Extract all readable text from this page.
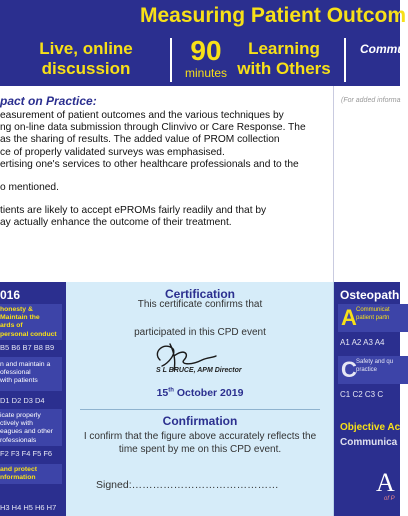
Measuring Patient Outcom
Live, online discussion
90
minutes
Learning with Others
Commu
pact on Practice:

easurement of patient outcomes and the various techniques by
ng on-line data submission through Clinvivo or Care Response. The
as the sharing of results. The added value of PROM collection
ce of properly validated surveys was emphasised.
ertising one's services to other healthcare professionals and to the

o mentioned.

tients are likely to accept ePROMs fairly readily and that by
ay actually enhance the outcome of their treatment.

(For added informa
016
honesty &
Maintain the
ards of
personal conduct
B5 B6 B7 B8 B9
n and maintain a
ofessional
with patients
D1 D2 D3 D4
icate properly
ctively with
eagues and other
rofessionals
F2 F3 F4 F5 F6
and protect
nformation
H3 H4 H5 H6 H7
Certification
This certificate confirms that
participated in this CPD event
S L BRUCE, APM Director
15th October 2019
Confirmation
I confirm that the figure above accurately reflects the time spent by me on this CPD event.
Signed:……………………………………
Osteopath
A Communicat
patient partn
A1 A2 A3 A4
C Safety and qu
practice
C1 C2 C3 C
Objective Ac
Communica
A
of P
